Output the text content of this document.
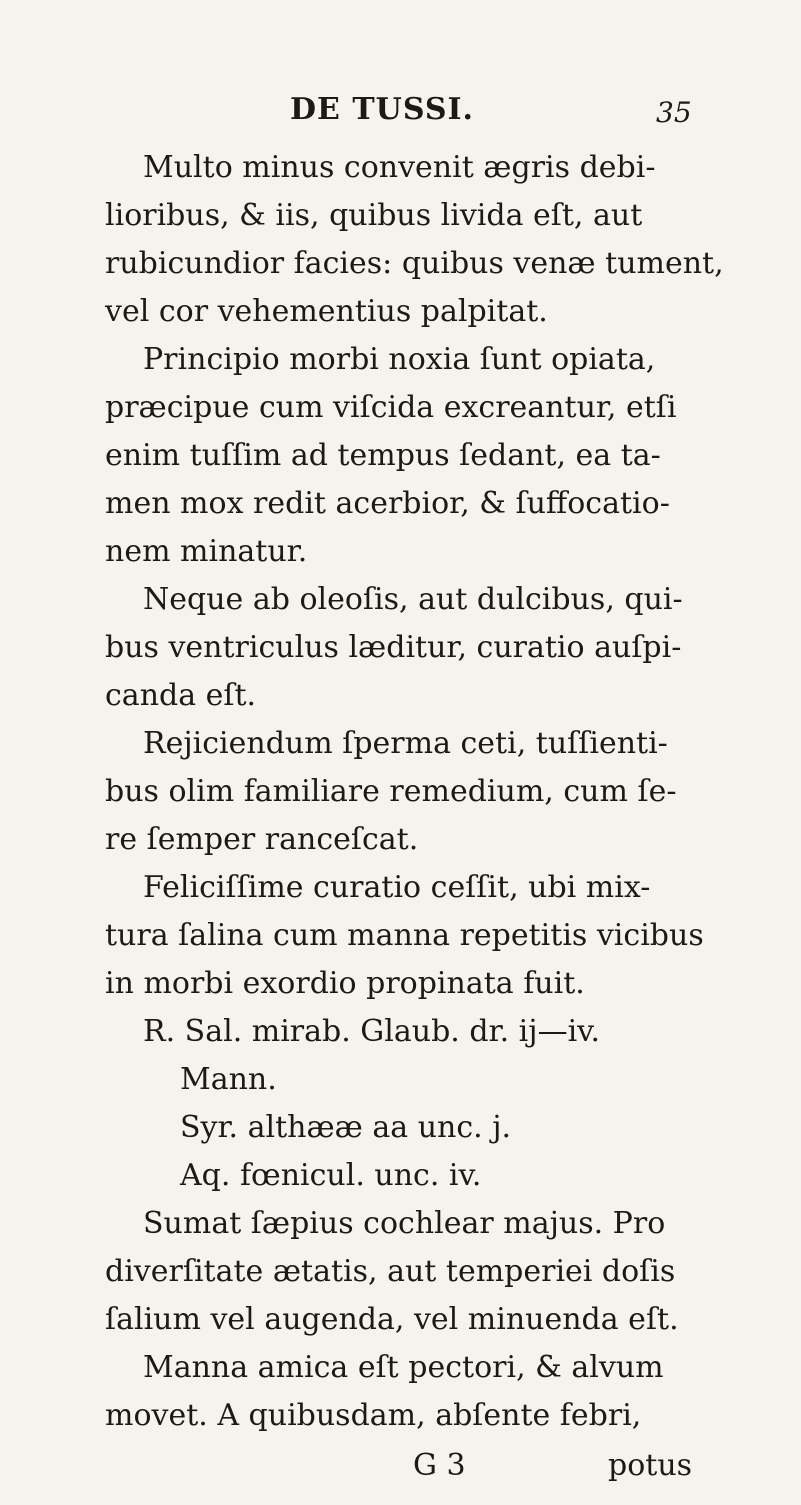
DE TUSSI.	35
Multo minus convenit ægris debi-
lioribus, & iis, quibus livida eſt, aut
rubicundior facies: quibus venæ tument,
vel cor vehementius palpitat.
Principio morbi noxia ſunt opiata,
præcipue cum viſcida excreantur, etſi
enim tuſſim ad tempus ſedant, ea ta-
men mox redit acerbior, & ſuffocatio-
nem minatur.
Neque ab oleoſis, aut dulcibus, qui-
bus ventriculus læditur, curatio auſpi-
canda eſt.
Rejiciendum ſperma ceti, tuſſienti-
bus olim familiare remedium, cum ſe-
re ſemper ranceſcat.
Feliciſſime curatio ceſſit, ubi mix-
tura ſalina cum manna repetitis vicibus
in morbi exordio propinata fuit.
R. Sal. mirab. Glaub. dr. ij—iv.
Mann.
Syr. althææ aa unc. j.
Aq. fœnicul. unc. iv.
Sumat ſæpius cochlear majus. Pro
diverſitate ætatis, aut temperiei doſis
ſalium vel augenda, vel minuenda eſt.
Manna amica eſt pectori, & alvum
movet. A quibusdam, abſente febri,
G 3	potus
